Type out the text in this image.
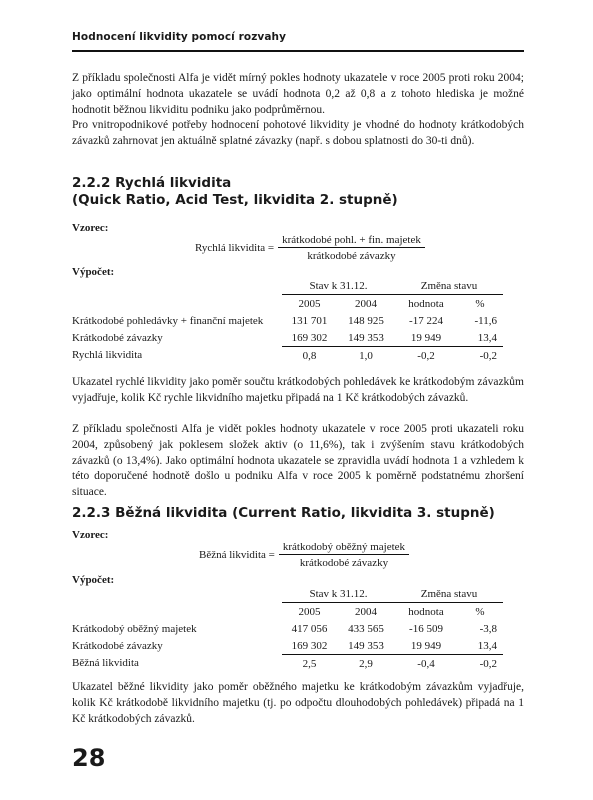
Hodnocení likvidity pomocí rozvahy

Z příkladu společnosti Alfa je vidět mírný pokles hodnoty ukazatele v roce 2005 proti roku 2004; jako optimální hodnota ukazatele se uvádí hodnota 0,2 až 0,8 a z tohoto hlediska je možné hodnotit běžnou likviditu podniku jako podprůměrnou.

Pro vnitropodnikové potřeby hodnocení pohotové likvidity je vhodné do hodnoty krátkodobých závazků zahrnovat jen aktuálně splatné závazky (např. s dobou splatnosti do 30-ti dnů).

2.2.2 Rychlá likvidita
(Quick Ratio, Acid Test, likvidita 2. stupně)
Vzorec:
Rychlá likvidita = $\frac{\text{krátkodobé pohl. + fin. majetek}}{\text{krátkodobé závazky}}$
Výpočet:
	Stav k 31.12.		Změna stavu	
	2005	2004	hodnota	%
Krátkodobé pohledávky + finanční majetek	131 701	148 925	-17 224	-11,6
Krátkodobé závazky	169 302	149 353	19 949	13,4
Rychlá likvidita	0,8	1,0	-0,2	-0,2

Ukazatel rychlé likvidity jako poměr součtu krátkodobých pohledávek ke krátkodobým závazkům vyjadřuje, kolik Kč rychle likvidního majetku připadá na 1 Kč krátkodobých závazků.

Z příkladu společnosti Alfa je vidět pokles hodnoty ukazatele v roce 2005 proti ukazateli roku 2004, způsobený jak poklesem složek aktiv (o 11,6%), tak i zvýšením stavu krátkodobých závazků (o 13,4%). Jako optimální hodnota ukazatele se zpravidla uvádí hodnota 1 a vzhledem k této doporučené hodnotě došlo u podniku Alfa v roce 2005 k poměrně podstatnému zhoršení situace.

2.2.3 Běžná likvidita (Current Ratio, likvidita 3. stupně)
Vzorec:
Běžná likvidita = $\frac{\text{krátkodobý oběžný majetek}}{\text{krátkodobé závazky}}$
Výpočet:
	Stav k 31.12.		Změna stavu	
	2005	2004	hodnota	%
Krátkodobý oběžný majetek	417 056	433 565	-16 509	-3,8
Krátkodobé závazky	169 302	149 353	19 949	13,4
Běžná likvidita	2,5	2,9	-0,4	-0,2

Ukazatel běžné likvidity jako poměr oběžného majetku ke krátkodobým závazkům vyjadřuje, kolik Kč krátkodobě likvidního majetku (tj. po odpočtu dlouhodobých pohledávek) připadá na 1 Kč krátkodobých závazků.

28
